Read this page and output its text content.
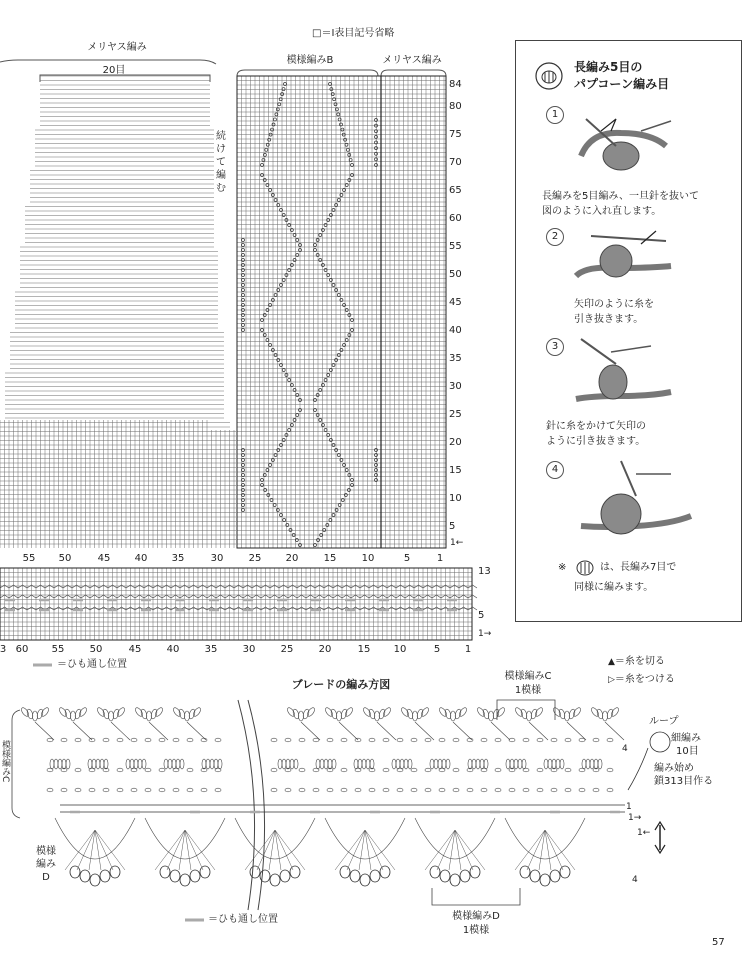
□＝Ⅰ表目記号省略
メリヤス編み
20目
模様編みB	メリヤス編み
続
け
て
編
む
84
80
75
70
65
60
55
50
45
40
35
30
25
20
15
10
5
55 50	45 40 35	30	25 20	15	10	5	1
3 60 55	50	45	40	35	30	25	20	15 10	5 1
1←
13
5
1→
＝ひも通し位置
ブレードの編み方図
模様編みC
1模様
▲＝糸を切る
▷＝糸をつける
ループ
細編み
10目
編み始め
鎖313目作る
4
1
1→
1←
4
模様
編み
D
模様編みC
模様編みD
1模様
＝ひも通し位置
長編み5目の
パプコーン編み目
1
長編みを5目編み、一旦針を抜いて
図のように入れ直します。
2
矢印のように糸を
引き抜きます。
3
針に糸をかけて矢印の
ように引き抜きます。
4
※	は、長編み7目で
同様に編みます。
57
